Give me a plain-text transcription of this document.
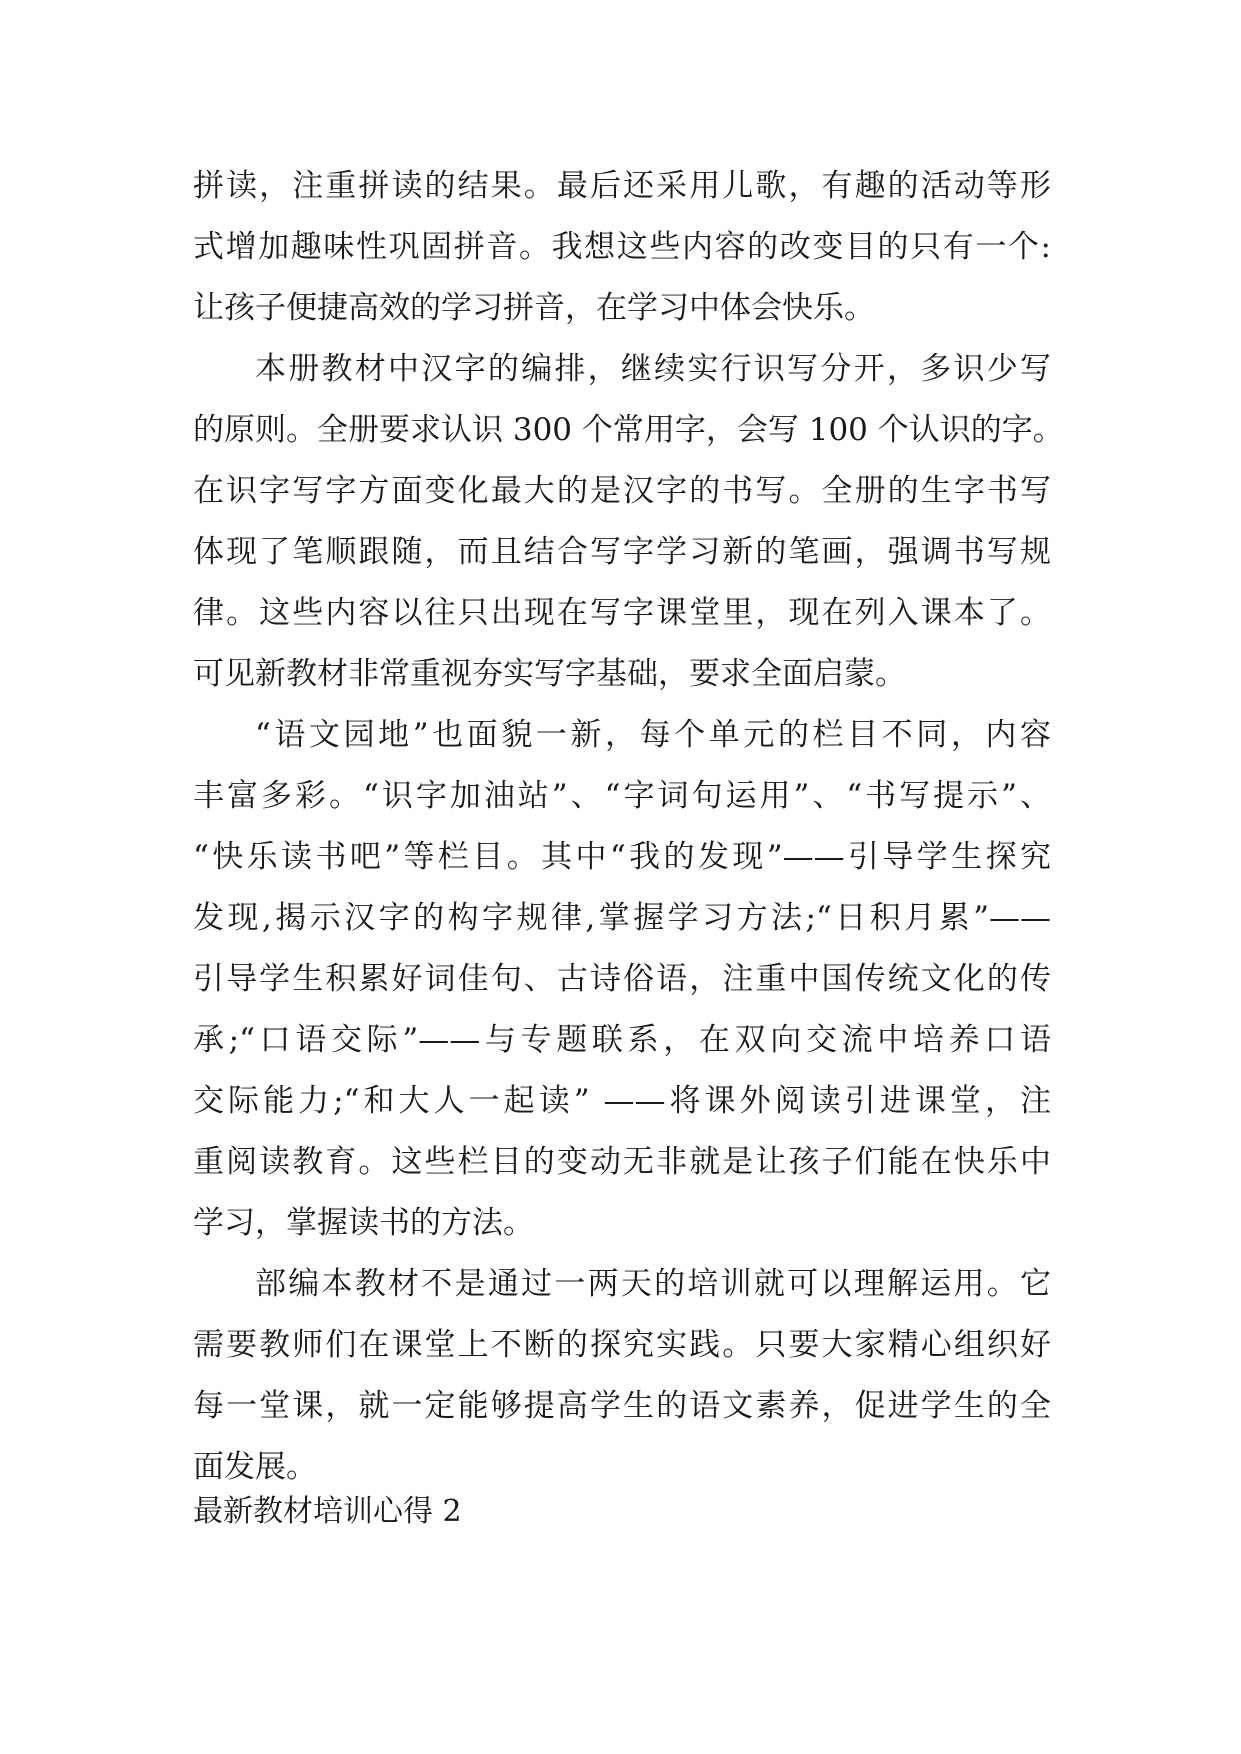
拼读，注重拼读的结果。最后还采用儿歌，有趣的活动等形
式增加趣味性巩固拼音。我想这些内容的改变目的只有一个:
让孩子便捷高效的学习拼音，在学习中体会快乐。
本册教材中汉字的编排，继续实行识写分开，多识少写
的原则。全册要求认识 300 个常用字，会写 100 个认识的字。
在识字写字方面变化最大的是汉字的书写。全册的生字书写
体现了笔顺跟随，而且结合写字学习新的笔画，强调书写规
律。这些内容以往只出现在写字课堂里，现在列入课本了。
可见新教材非常重视夯实写字基础，要求全面启蒙。
“语文园地”也面貌一新，每个单元的栏目不同，内容
丰富多彩。“识字加油站”、“字词句运用”、“书写提示”、
“快乐读书吧”等栏目。其中“我的发现”——引导学生探究
发现,揭示汉字的构字规律,掌握学习方法;“日积月累”——
引导学生积累好词佳句、古诗俗语，注重中国传统文化的传
承;“口语交际”——与专题联系，在双向交流中培养口语
交际能力;“和大人一起读” ——将课外阅读引进课堂，注
重阅读教育。这些栏目的变动无非就是让孩子们能在快乐中
学习，掌握读书的方法。
部编本教材不是通过一两天的培训就可以理解运用。它
需要教师们在课堂上不断的探究实践。只要大家精心组织好
每一堂课，就一定能够提高学生的语文素养，促进学生的全
面发展。
最新教材培训心得 2
